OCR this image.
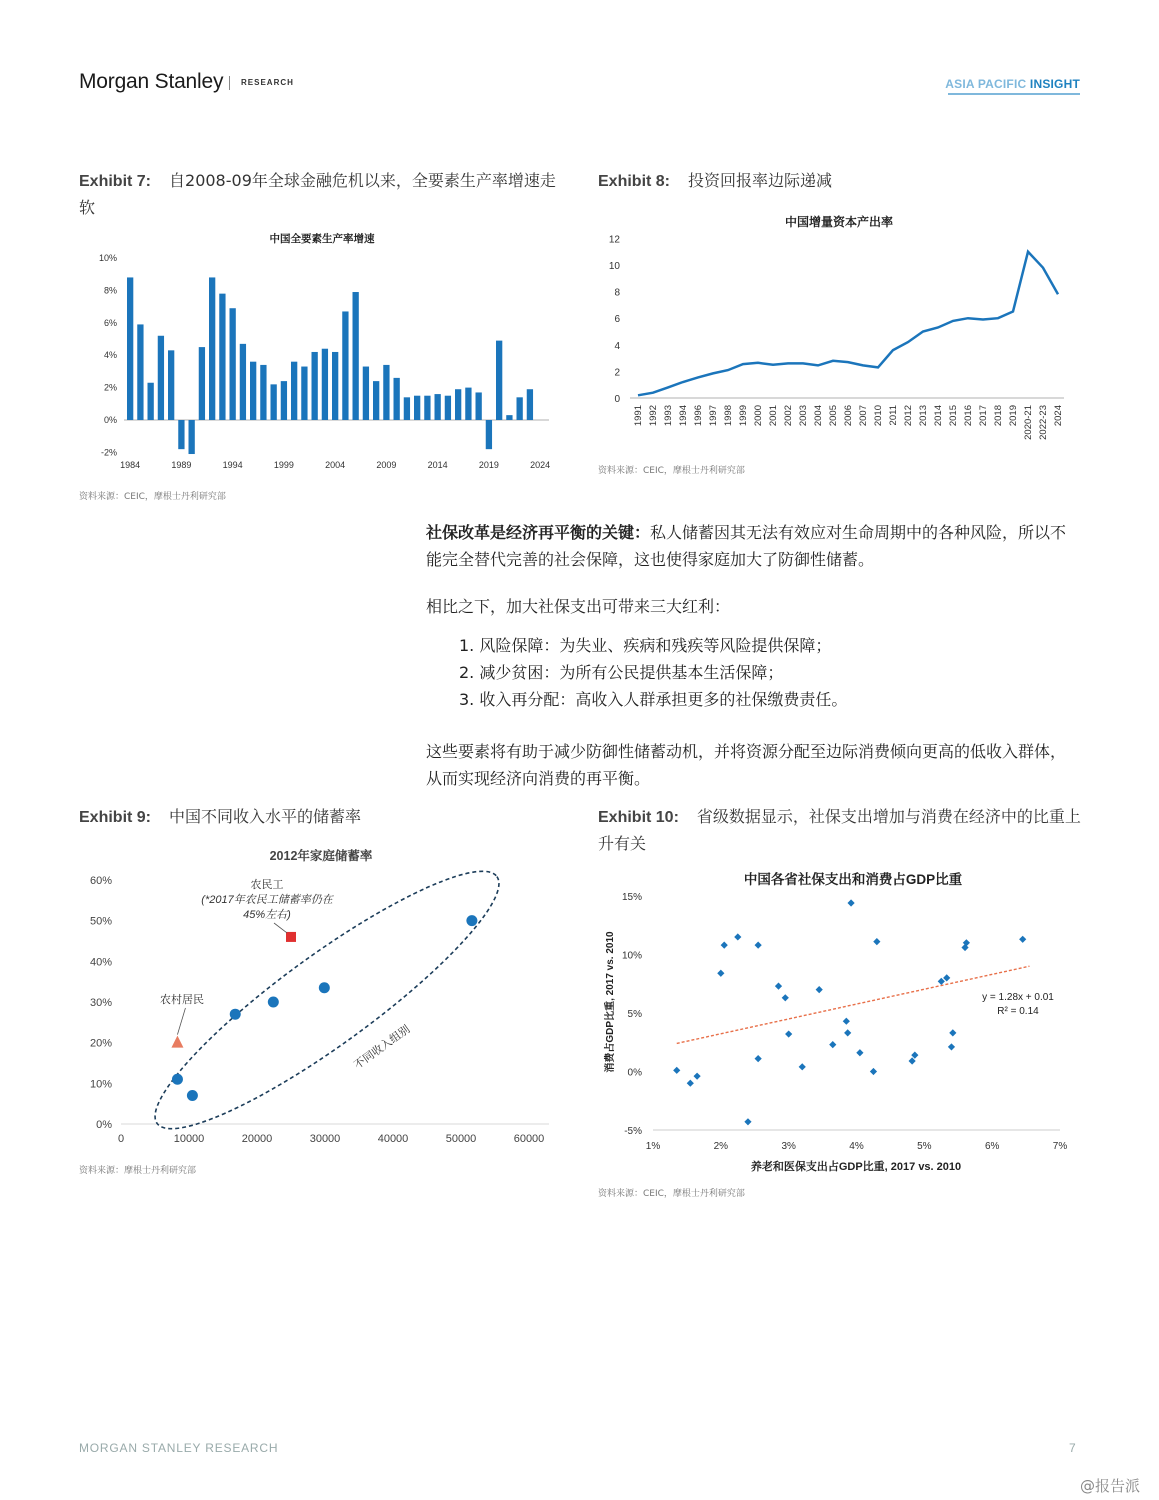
Morgan Stanley RESEARCH	ASIA PACIFIC INSIGHT
Exhibit 7: 自2008-09年全球金融危机以来，全要素生产率增速走软
中国全要素生产率增速
10%
8%
6%
4%
2%
0%
-2%
1984	1989	1994	1999	2004	2009	2014	2019	2024
资料来源：CEIC，摩根士丹利研究部
Exhibit 8: 投资回报率边际递减
中国增量资本产出率
12
10
8
6
4
2
0
1991 1992 1993 1994 1996 1997 1998 1999 2000 2001 2002 2003 2004 2005 2006 2007 2010 2011 2012 2013 2014 2015 2016 2017 2018 2019 2020-21 2022-23 2024
资料来源：CEIC，摩根士丹利研究部
社保改革是经济再平衡的关键：私人储蓄因其无法有效应对生命周期中的各种风险，所以不能完全替代完善的社会保障，这也使得家庭加大了防御性储蓄。
相比之下，加大社保支出可带来三大红利：
1. 风险保障：为失业、疾病和残疾等风险提供保障；
2. 减少贫困：为所有公民提供基本生活保障；
3. 收入再分配：高收入人群承担更多的社保缴费责任。
这些要素将有助于减少防御性储蓄动机，并将资源分配至边际消费倾向更高的低收入群体，从而实现经济向消费的再平衡。
Exhibit 9: 中国不同收入水平的储蓄率
2012年家庭储蓄率
60%
50%
40%
30%
20%
10%
0%
0	10000	20000	30000	40000	50000	60000
农村居民
农民工
(*2017年农民工储蓄率仍在
45%左右)
不同收入组别
资料来源：摩根士丹利研究部
Exhibit 10: 省级数据显示，社保支出增加与消费在经济中的比重上升有关
中国各省社保支出和消费占GDP比重
15%
10%
5%
0%
-5%
1%	2%	3%	4%	5%	6%	7%
y = 1.28x + 0.01
R² = 0.14
养老和医保支出占GDP比重, 2017 vs. 2010
消费占GDP比重, 2017 vs. 2010
资料来源：CEIC，摩根士丹利研究部
MORGAN STANLEY RESEARCH	7
@报告派
